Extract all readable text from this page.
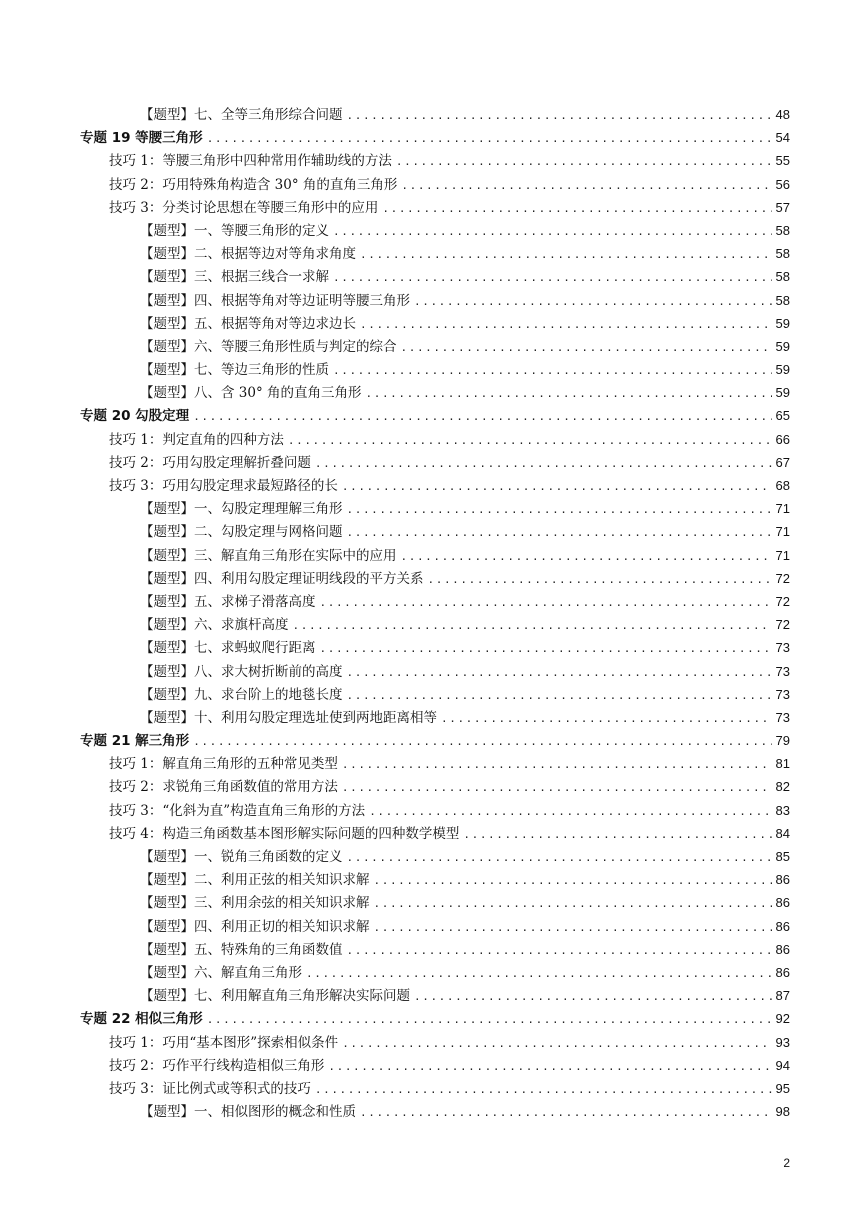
【题型】七、全等三角形综合问题 .....	48
专题 19 等腰三角形 .....	54
技巧 1：等腰三角形中四种常用作辅助线的方法 .....	55
技巧 2：巧用特殊角构造含 30° 角的直角三角形 .....	56
技巧 3：分类讨论思想在等腰三角形中的应用 .....	57
【题型】一、等腰三角形的定义 .....	58
【题型】二、根据等边对等角求角度 .....	58
【题型】三、根据三线合一求解 .....	58
【题型】四、根据等角对等边证明等腰三角形 .....	58
【题型】五、根据等角对等边求边长 .....	59
【题型】六、等腰三角形性质与判定的综合 .....	59
【题型】七、等边三角形的性质 .....	59
【题型】八、含 30° 角的直角三角形 .....	59
专题 20 勾股定理 .....	65
技巧 1：判定直角的四种方法 .....	66
技巧 2：巧用勾股定理解折叠问题 .....	67
技巧 3：巧用勾股定理求最短路径的长 .....	68
【题型】一、勾股定理理解三角形 .....	71
【题型】二、勾股定理与网格问题 .....	71
【题型】三、解直角三角形在实际中的应用 .....	71
【题型】四、利用勾股定理证明线段的平方关系 .....	72
【题型】五、求梯子滑落高度 .....	72
【题型】六、求旗杆高度 .....	72
【题型】七、求蚂蚁爬行距离 .....	73
【题型】八、求大树折断前的高度 .....	73
【题型】九、求台阶上的地毯长度 .....	73
【题型】十、利用勾股定理选址使到两地距离相等 .....	73
专题 21 解三角形 .....	79
技巧 1：解直角三角形的五种常见类型 .....	81
技巧 2：求锐角三角函数值的常用方法 .....	82
技巧 3：“化斜为直”构造直角三角形的方法 .....	83
技巧 4：构造三角函数基本图形解实际问题的四种数学模型 .....	84
【题型】一、锐角三角函数的定义 .....	85
【题型】二、利用正弦的相关知识求解 .....	86
【题型】三、利用余弦的相关知识求解 .....	86
【题型】四、利用正切的相关知识求解 .....	86
【题型】五、特殊角的三角函数值 .....	86
【题型】六、解直角三角形 .....	86
【题型】七、利用解直角三角形解决实际问题 .....	87
专题 22 相似三角形 .....	92
技巧 1：巧用“基本图形”探索相似条件 .....	93
技巧 2：巧作平行线构造相似三角形 .....	94
技巧 3：证比例式或等积式的技巧 .....	95
【题型】一、相似图形的概念和性质 .....	98
2
